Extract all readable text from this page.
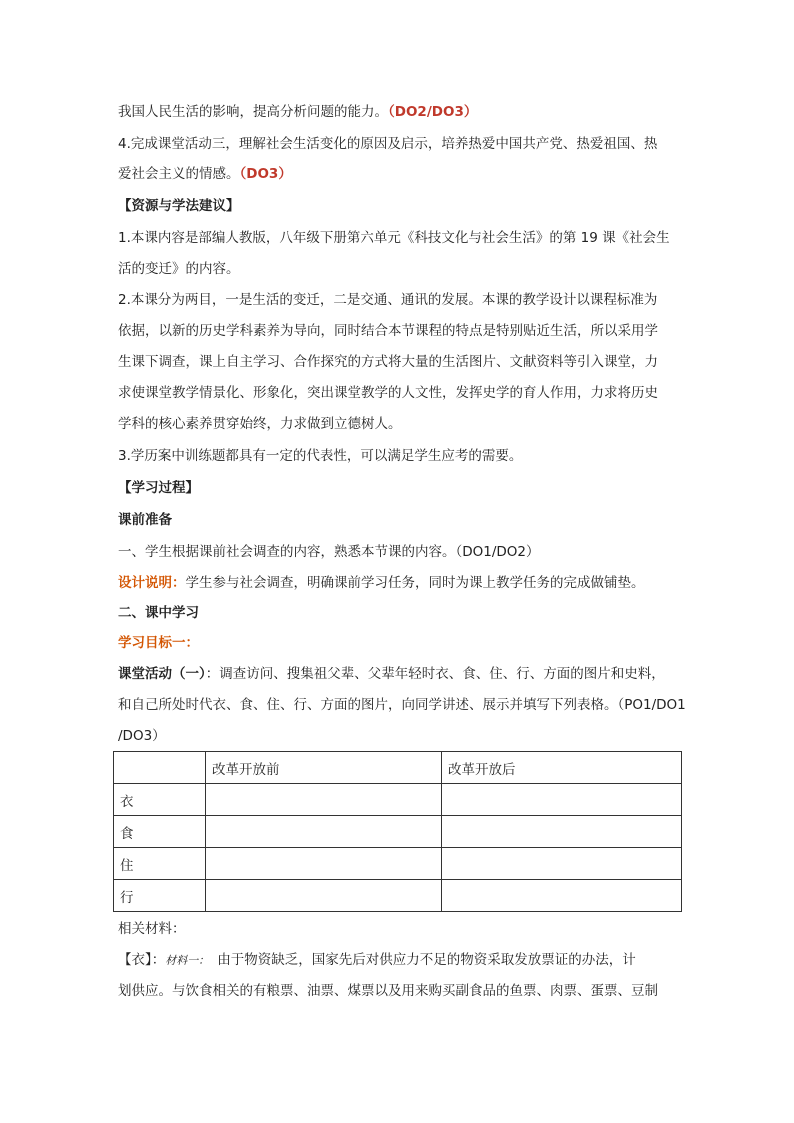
我国人民生活的影响，提高分析问题的能力。（DO2/DO3）
4.完成课堂活动三，理解社会生活变化的原因及启示，培养热爱中国共产党、热爱祖国、热
爱社会主义的情感。（DO3）
【资源与学法建议】
1.本课内容是部编人教版，八年级下册第六单元《科技文化与社会生活》的第 19 课《社会生
活的变迁》的内容。
2.本课分为两目，一是生活的变迁，二是交通、通讯的发展。本课的教学设计以课程标准为
依据，以新的历史学科素养为导向，同时结合本节课程的特点是特别贴近生活，所以采用学
生课下调查，课上自主学习、合作探究的方式将大量的生活图片、文献资料等引入课堂，力
求使课堂教学情景化、形象化，突出课堂教学的人文性，发挥史学的育人作用，力求将历史
学科的核心素养贯穿始终，力求做到立德树人。
3.学历案中训练题都具有一定的代表性，可以满足学生应考的需要。
【学习过程】
课前准备
一、学生根据课前社会调查的内容，熟悉本节课的内容。（DO1/DO2）
设计说明：学生参与社会调查，明确课前学习任务，同时为课上教学任务的完成做铺垫。
二、课中学习
学习目标一：
课堂活动（一）：调查访问、搜集祖父辈、父辈年轻时衣、食、住、行、方面的图片和史料，
和自己所处时代衣、食、住、行、方面的图片，向同学讲述、展示并填写下列表格。（PO1/DO1
/DO3）
	改革开放前	改革开放后
衣		
食		
住		
行		
相关材料：
【衣】：材料一： 由于物资缺乏，国家先后对供应力不足的物资采取发放票证的办法，计
划供应。与饮食相关的有粮票、油票、煤票以及用来购买副食品的鱼票、肉票、蛋票、豆制
